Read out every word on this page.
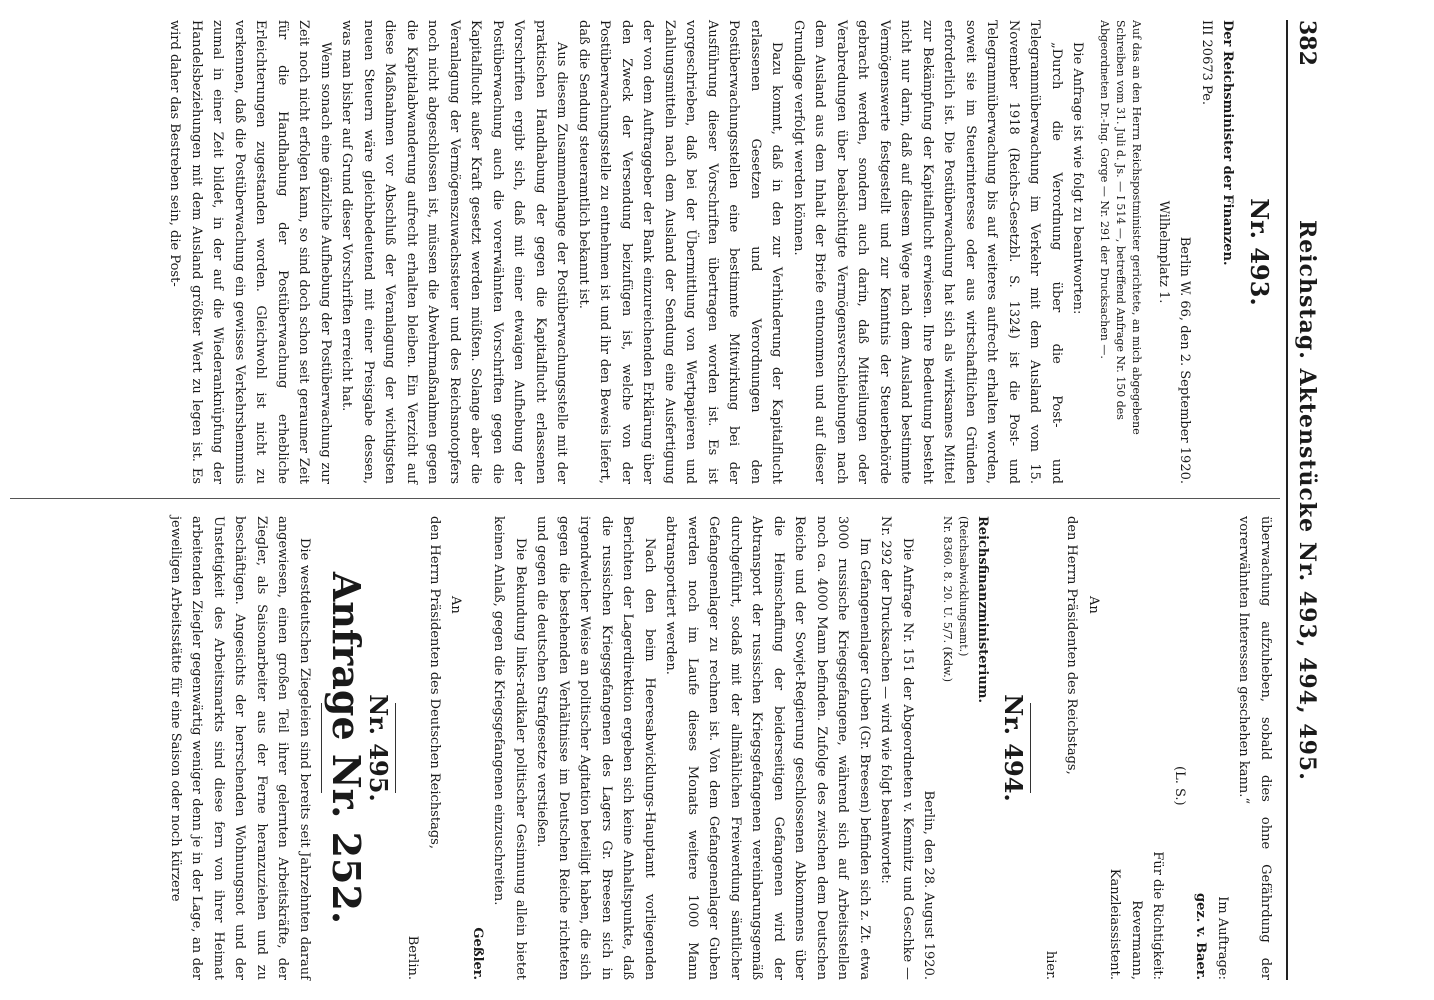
382
Reichstag. Aktenstücke Nr. 493, 494, 495.
Nr. 493.
Der Reichsminister der Finanzen.
III 20673 Pe.
Berlin W. 66, den 2. September 1920.
Wilhelmplatz 1.
Auf das an den Herrn Reichspostminister gerichtete, an mich abgegebene Schreiben vom 31. Juli d. Js. — I 514 —, betreffend Anfrage Nr. 150 des Abgeordneten Dr.-Ing. Gorge — Nr. 291 der Drucksachen —.

Die Anfrage ist wie folgt zu beantworten:

„Durch die Verordnung über die Post- und Telegrammüberwachung im Verkehr mit dem Ausland vom 15. November 1918 (Reichs-Gesetzbl. S. 1324) ist die Post- und Telegrammüberwachung bis auf weiteres aufrecht erhalten worden, soweit sie im Steuerinteresse oder aus wirtschaftlichen Gründen erforderlich ist. Die Postüberwachung hat sich als wirksames Mittel zur Bekämpfung der Kapitalflucht erwiesen. Ihre Bedeutung besteht nicht nur darin, daß auf diesem Wege nach dem Ausland bestimmte Vermögenswerte festgestellt und zur Kenntnis der Steuerbehörde gebracht werden, sondern auch darin, daß Mitteilungen oder Verabredungen über beabsichtigte Vermögensverschiebungen nach dem Ausland aus dem Inhalt der Briefe entnommen und auf dieser Grundlage verfolgt werden können.

Dazu kommt, daß in den zur Verhinderung der Kapitalflucht erlassenen Gesetzen und Verordnungen den Postüberwachungsstellen eine bestimmte Mitwirkung bei der Ausführung dieser Vorschriften übertragen worden ist. Es ist vorgeschrieben, daß bei der Übermittlung von Wertpapieren und Zahlungsmitteln nach dem Ausland der Sendung eine Ausfertigung der von dem Auftraggeber der Bank einzureichenden Erklärung über den Zweck der Versendung beizufügen ist, welche von der Postüberwachungsstelle zu entnehmen ist und ihr den Beweis liefert, daß die Sendung steueramtlich bekannt ist.

Aus diesem Zusammenhange der Postüberwachungsstelle mit der praktischen Handhabung der gegen die Kapitalflucht erlassenen Vorschriften ergibt sich, daß mit einer etwaigen Aufhebung der Postüberwachung auch die vorerwähnten Vorschriften gegen die Kapitalflucht außer Kraft gesetzt werden müßten. Solange aber die Veranlagung der Vermögenszuwachssteuer und des Reichsnotopfers noch nicht abgeschlossen ist, müssen die Abwehrmaßnahmen gegen die Kapitalabwanderung aufrecht erhalten bleiben. Ein Verzicht auf diese Maßnahmen vor Abschluß der Veranlagung der wichtigsten neuen Steuern wäre gleichbedeutend mit einer Preisgabe dessen, was man bisher auf Grund dieser Vorschriften erreicht hat.

Wenn sonach eine gänzliche Aufhebung der Postüberwachung zur Zeit noch nicht erfolgen kann, so sind doch schon seit geraumer Zeit für die Handhabung der Postüberwachung erhebliche Erleichterungen zugestanden worden. Gleichwohl ist nicht zu verkennen, daß die Postüberwachung ein gewisses Verkehrshemmnis zumal in einer Zeit bildet, in der auf die Wiederanknüpfung der Handelsbeziehungen mit dem Ausland größter Wert zu legen ist. Es wird daher das Bestreben sein, die Post-

überwachung aufzuheben, sobald dies ohne Gefährdung der vorerwähnten Interessen geschehen kann.“

Im Auftrage:
gez. v. Baer.
(L. S.)
Für die Richtigkeit:
Revermann,
Kanzleiassistent.
An
den Herrn Präsidenten des Reichstags,
hier.
Nr. 494.
Reichsfinanzministerium.
(Reichsabwicklungsamt.)
Nr. 8360. 8. 20. U. 5/7. (Kdw.)
Berlin, den 28. August 1920.

Die Anfrage Nr. 151 der Abgeordneten v. Kemnitz und Geschke — Nr. 292 der Drucksachen — wird wie folgt beantwortet:

Im Gefangenenlager Guben (Gr. Breesen) befinden sich z. Zt. etwa 3000 russische Kriegsgefangene, während sich auf Arbeitsstellen noch ca. 4000 Mann befinden. Zufolge des zwischen dem Deutschen Reiche und der Sowjet-Regierung geschlossenen Abkommens über die Heimschaffung der beiderseitigen Gefangenen wird der Abtransport der russischen Kriegsgefangenen vereinbarungsgemäß durchgeführt, sodaß mit der allmählichen Freiwerdung sämtlicher Gefangenenlager zu rechnen ist. Von dem Gefangenenlager Guben werden noch im Laufe dieses Monats weitere 1000 Mann abtransportiert werden.

Nach den beim Heeresabwicklungs-Hauptamt vorliegenden Berichten der Lagerdirektion ergeben sich keine Anhaltspunkte, daß die russischen Kriegsgefangenen des Lagers Gr. Breesen sich in irgendwelcher Weise an politischer Agitation beteiligt haben, die sich gegen die bestehenden Verhältnisse im Deutschen Reiche richteten und gegen die deutschen Strafgesetze verstießen.

Die Bekundung links-radikaler politischer Gesinnung allein bietet keinen Anlaß, gegen die Kriegsgefangenen einzuschreiten.

Geßler.
An
den Herrn Präsidenten des Deutschen Reichstags,
Berlin.
Nr. 495.
Anfrage Nr. 252.

Die westdeutschen Ziegeleien sind bereits seit Jahrzehnten darauf angewiesen, einen großen Teil ihrer gelernten Arbeitskräfte, der Ziegler, als Saisonarbeiter aus der Ferne heranzuziehen und zu beschäftigen. Angesichts der herrschenden Wohnungsnot und der Unstetigkeit des Arbeitsmarkts sind diese fern von ihrer Heimat arbeitenden Ziegler gegenwärtig weniger denn je in der Lage, an der jeweiligen Arbeitsstätte für eine Saison oder noch kürzere
